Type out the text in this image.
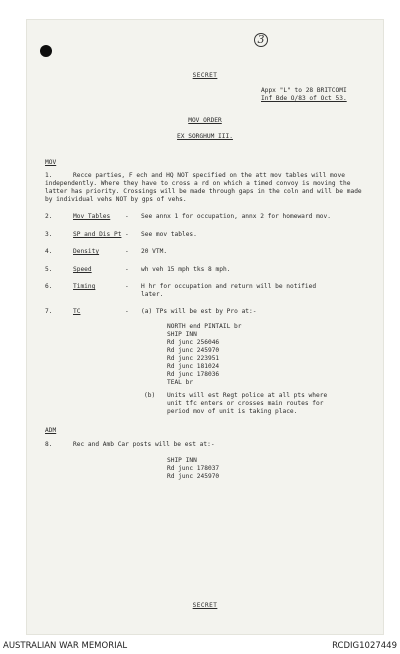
3
SECRET
Appx "L" to 28 BRITCOMI
Inf Bde O/83 of Oct 53.
MOV ORDER
EX SORGHUM III.
MOV
1.	Recce parties, F ech and HQ NOT specified on the att mov tables will move independently. Where they have to cross a rd on which a timed convoy is moving the latter has priority. Crossings will be made through gaps in the coln and will be made by individual vehs NOT by gps of vehs.
2.	Mov Tables - See annx 1 for occupation, annx 2 for homeward mov.
3.	SP and Dis Pt - See mov tables.
4.	Density	- 20 VTM.
5.	Speed	- wh veh 15 mph tks 8 mph.
6.	Timing	- H hr for occupation and return will be notified
later.
7.	TC	- (a) TPs will be est by Pro at:-
NORTH end PINTAIL br
SHIP INN
Rd junc 256046
Rd junc 245970
Rd junc 223951
Rd junc 181024
Rd junc 178036
TEAL br
(b) Units will est Regt police at all pts where
unit tfc enters or crosses main routes for
period mov of unit is taking place.
ADM
8.	Rec and Amb Car posts will be est at:-
SHIP INN
Rd junc 178037
Rd junc 245970
SECRET
AUSTRALIAN WAR MEMORIAL	RCDIG1027449
